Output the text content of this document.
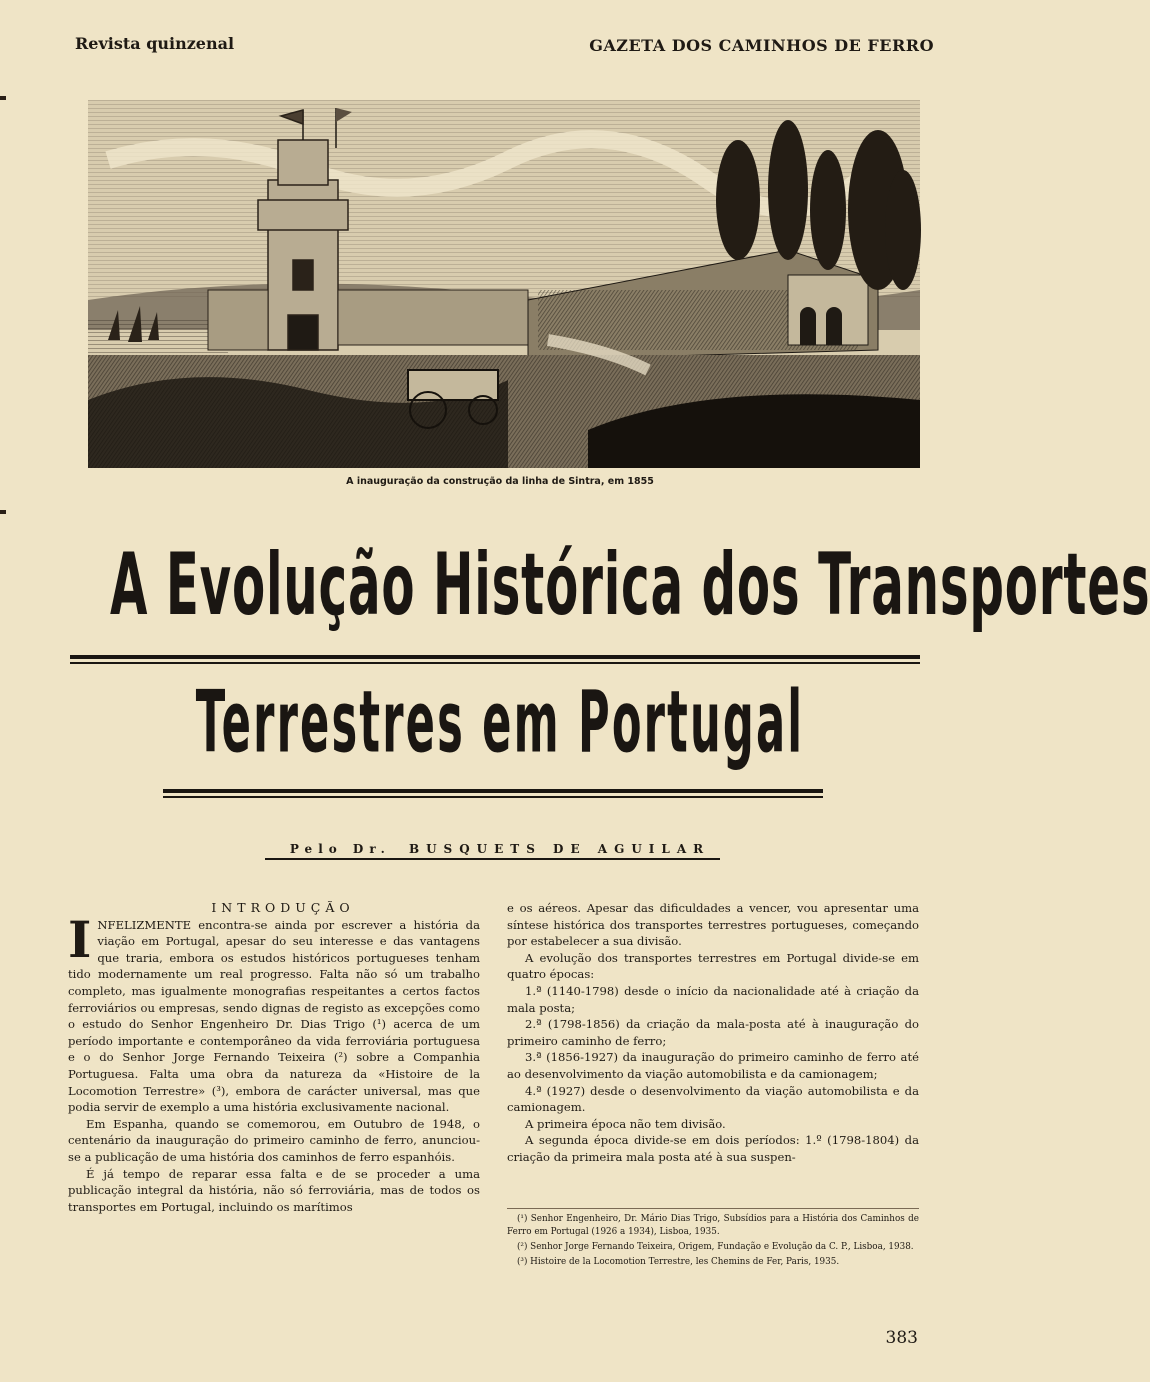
Revista quinzenal	GAZETA DOS CAMINHOS DE FERRO
A inauguração da construção da linha de Sintra, em 1855
A Evolução Histórica dos Transportes
Terrestres em Portugal
Pelo Dr. BUSQUETS DE AGUILAR

INTRODUÇÃO

INFELIZMENTE encontra-se ainda por escrever a história da viação em Portugal, apesar do seu interesse e das vantagens que traria, embora os estudos históricos portugueses tenham tido modernamente um real progresso. Falta não só um trabalho completo, mas igualmente monografias respeitantes a certos factos ferroviários ou empresas, sendo dignas de registo as excepções como o estudo do Senhor Engenheiro Dr. Dias Trigo (¹) acerca de um período importante e contemporâneo da vida ferroviária portuguesa e o do Senhor Jorge Fernando Teixeira (²) sobre a Companhia Portuguesa. Falta uma obra da natureza da «Histoire de la Locomotion Terrestre» (³), embora de carácter universal, mas que podia servir de exemplo a uma história exclusivamente nacional.

Em Espanha, quando se comemorou, em Outubro de 1948, o centenário da inauguração do primeiro caminho de ferro, anunciou-se a publicação de uma história dos caminhos de ferro espanhóis.

É já tempo de reparar essa falta e de se proceder a uma publicação integral da história, não só ferroviária, mas de todos os transportes em Portugal, incluindo os marítimos

e os aéreos. Apesar das dificuldades a vencer, vou apresentar uma síntese histórica dos transportes terrestres portugueses, começando por estabelecer a sua divisão.

A evolução dos transportes terrestres em Portugal divide-se em quatro épocas:

1.ª (1140-1798) desde o início da nacionalidade até à criação da mala posta;

2.ª (1798-1856) da criação da mala-posta até à inauguração do primeiro caminho de ferro;

3.ª (1856-1927) da inauguração do primeiro caminho de ferro até ao desenvolvimento da viação automobilista e da camionagem;

4.ª (1927) desde o desenvolvimento da viação automobilista e da camionagem.

A primeira época não tem divisão.

A segunda época divide-se em dois períodos: 1.º (1798-1804) da criação da primeira mala posta até à sua suspen-

(¹) Senhor Engenheiro, Dr. Mário Dias Trigo, Subsídios para a História dos Caminhos de Ferro em Portugal (1926 a 1934), Lisboa, 1935.

(²) Senhor Jorge Fernando Teixeira, Origem, Fundação e Evolução da C. P., Lisboa, 1938.

(³) Histoire de la Locomotion Terrestre, les Chemins de Fer, Paris, 1935.

383
